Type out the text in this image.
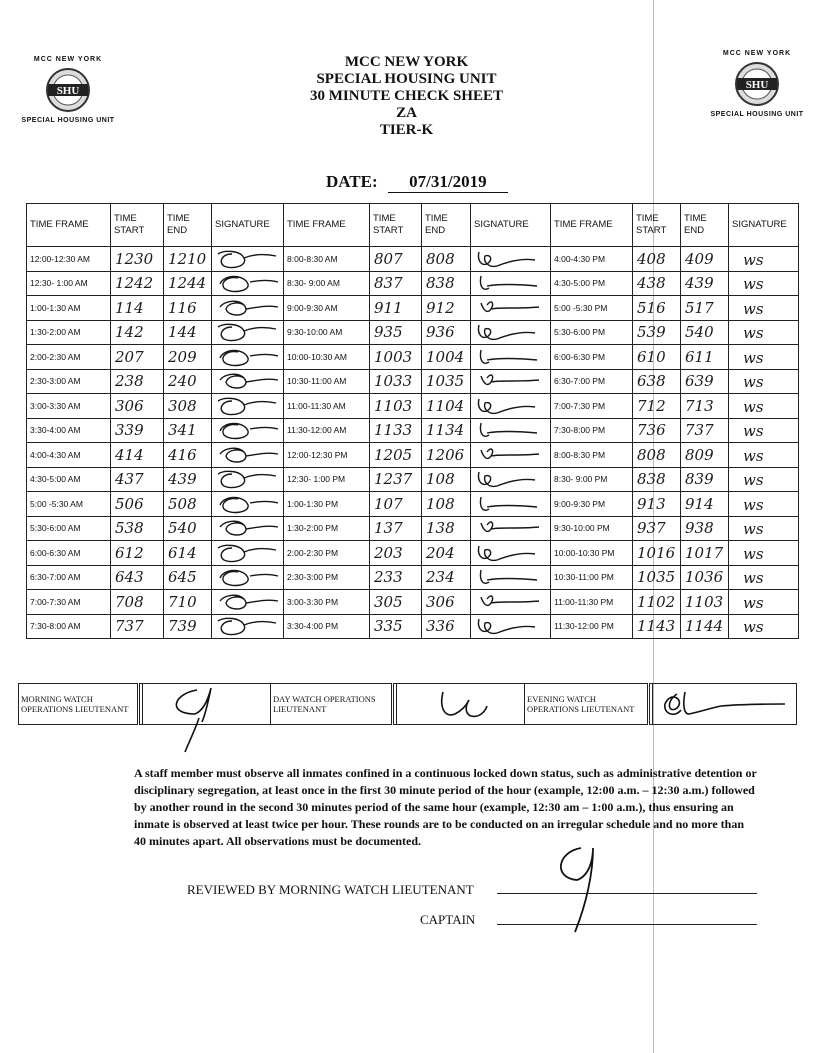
MCC NEW YORK
SHU
SPECIAL HOUSING UNIT
MCC NEW YORK
SHU
SPECIAL HOUSING UNIT
MCC NEW YORK
SPECIAL HOUSING UNIT
30 MINUTE CHECK SHEET
ZA
TIER-K
DATE: 07/31/2019
TIME FRAME	TIME START	TIME END	SIGNATURE	TIME FRAME	TIME START	TIME END	SIGNATURE	TIME FRAME	TIME START	TIME END	SIGNATURE
12:00-12:30 AM	1230	1210		8:00-8:30 AM	807	808		4:00-4:30 PM	408	409	ws

12:30- 1:00 AM	1242	1244		8:30- 9:00 AM	837	838		4:30-5:00 PM	438	439	ws

1:00-1:30 AM	114	116		9:00-9:30 AM	911	912		5:00 -5:30 PM	516	517	ws

1:30-2:00 AM	142	144		9:30-10:00 AM	935	936		5:30-6:00 PM	539	540	ws

2:00-2:30 AM	207	209		10:00-10:30 AM	1003	1004		6:00-6:30 PM	610	611	ws

2:30-3:00 AM	238	240		10:30-11:00 AM	1033	1035		6:30-7:00 PM	638	639	ws

3:00-3:30 AM	306	308		11:00-11:30 AM	1103	1104		7:00-7:30 PM	712	713	ws

3:30-4:00 AM	339	341		11:30-12:00 AM	1133	1134		7:30-8:00 PM	736	737	ws

4:00-4:30 AM	414	416		12:00-12:30 PM	1205	1206		8:00-8:30 PM	808	809	ws

4:30-5:00 AM	437	439		12:30- 1:00 PM	1237	108		8:30- 9:00 PM	838	839	ws

5:00 -5:30 AM	506	508		1:00-1:30 PM	107	108		9:00-9:30 PM	913	914	ws

5:30-6:00 AM	538	540		1:30-2:00 PM	137	138		9:30-10:00 PM	937	938	ws

6:00-6:30 AM	612	614		2:00-2:30 PM	203	204		10:00-10:30 PM	1016	1017	ws

6:30-7:00 AM	643	645		2:30-3:00 PM	233	234		10:30-11:00 PM	1035	1036	ws

7:00-7:30 AM	708	710		3:00-3:30 PM	305	306		11:00-11:30 PM	1102	1103	ws

7:30-8:00 AM	737	739		3:30-4:00 PM	335	336		11:30-12:00 PM	1143	1144	ws
MORNING WATCH OPERATIONS LIEUTENANT			DAY WATCH OPERATIONS LIEUTENANT			EVENING WATCH OPERATIONS LIEUTENANT		
A staff member must observe all inmates confined in a continuous locked down status, such as administrative detention or disciplinary segregation, at least once in the first 30 minute period of the hour (example, 12:00 a.m. – 12:30 a.m.) followed by another round in the second 30 minutes period of the same hour (example, 12:30 am – 1:00 a.m.), thus ensuring an inmate is observed at least twice per hour. These rounds are to be conducted on an irregular schedule and no more than 40 minutes apart. All observations must be documented.
REVIEWED BY MORNING WATCH LIEUTENANT
CAPTAIN
